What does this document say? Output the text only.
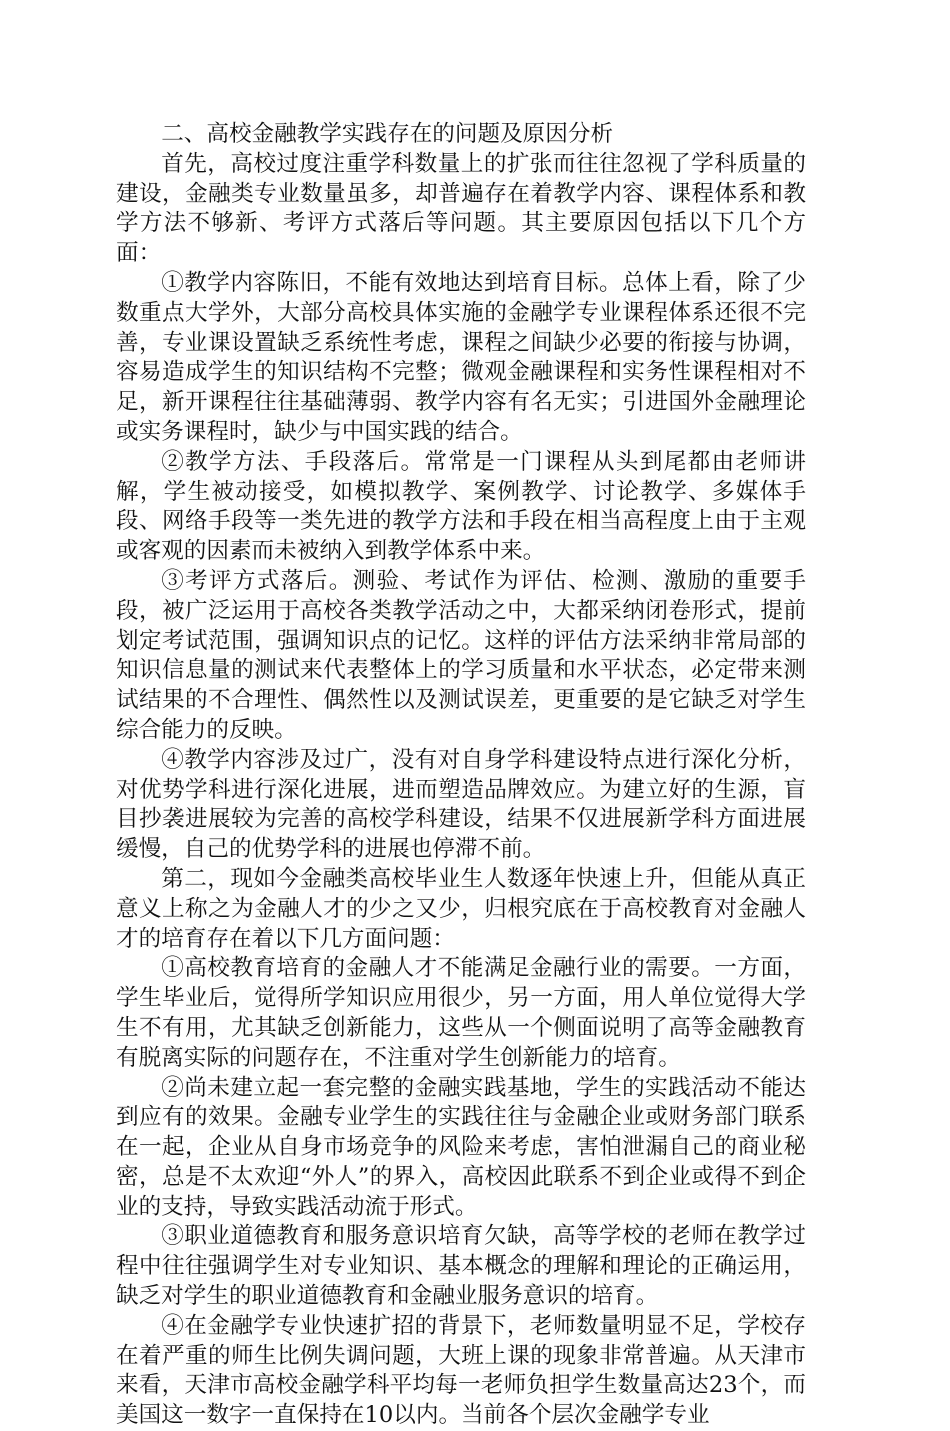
二、高校金融教学实践存在的问题及原因分析

首先，高校过度注重学科数量上的扩张而往往忽视了学科质量的建设，金融类专业数量虽多，却普遍存在着教学内容、课程体系和教学方法不够新、考评方式落后等问题。其主要原因包括以下几个方面：

①教学内容陈旧，不能有效地达到培育目标。总体上看，除了少数重点大学外，大部分高校具体实施的金融学专业课程体系还很不完善，专业课设置缺乏系统性考虑，课程之间缺少必要的衔接与协调，容易造成学生的知识结构不完整；微观金融课程和实务性课程相对不足，新开课程往往基础薄弱、教学内容有名无实；引进国外金融理论或实务课程时，缺少与中国实践的结合。

②教学方法、手段落后。常常是一门课程从头到尾都由老师讲解，学生被动接受，如模拟教学、案例教学、讨论教学、多媒体手段、网络手段等一类先进的教学方法和手段在相当高程度上由于主观或客观的因素而未被纳入到教学体系中来。

③考评方式落后。测验、考试作为评估、检测、激励的重要手段，被广泛运用于高校各类教学活动之中，大都采纳闭卷形式，提前划定考试范围，强调知识点的记忆。这样的评估方法采纳非常局部的知识信息量的测试来代表整体上的学习质量和水平状态，必定带来测试结果的不合理性、偶然性以及测试误差，更重要的是它缺乏对学生综合能力的反映。

④教学内容涉及过广，没有对自身学科建设特点进行深化分析，对优势学科进行深化进展，进而塑造品牌效应。为建立好的生源，盲目抄袭进展较为完善的高校学科建设，结果不仅进展新学科方面进展缓慢，自己的优势学科的进展也停滞不前。

第二，现如今金融类高校毕业生人数逐年快速上升，但能从真正意义上称之为金融人才的少之又少，归根究底在于高校教育对金融人才的培育存在着以下几方面问题：

①高校教育培育的金融人才不能满足金融行业的需要。一方面，学生毕业后，觉得所学知识应用很少，另一方面，用人单位觉得大学生不有用，尤其缺乏创新能力，这些从一个侧面说明了高等金融教育有脱离实际的问题存在，不注重对学生创新能力的培育。

②尚未建立起一套完整的金融实践基地，学生的实践活动不能达到应有的效果。金融专业学生的实践往往与金融企业或财务部门联系在一起，企业从自身市场竞争的风险来考虑，害怕泄漏自己的商业秘密，总是不太欢迎“外人”的界入，高校因此联系不到企业或得不到企业的支持，导致实践活动流于形式。

③职业道德教育和服务意识培育欠缺，高等学校的老师在教学过程中往往强调学生对专业知识、基本概念的理解和理论的正确运用，缺乏对学生的职业道德教育和金融业服务意识的培育。

④在金融学专业快速扩招的背景下，老师数量明显不足，学校存在着严重的师生比例失调问题，大班上课的现象非常普遍。从天津市来看，天津市高校金融学科平均每一老师负担学生数量高达23个，而美国这一数字一直保持在10以内。当前各个层次金融学专业
